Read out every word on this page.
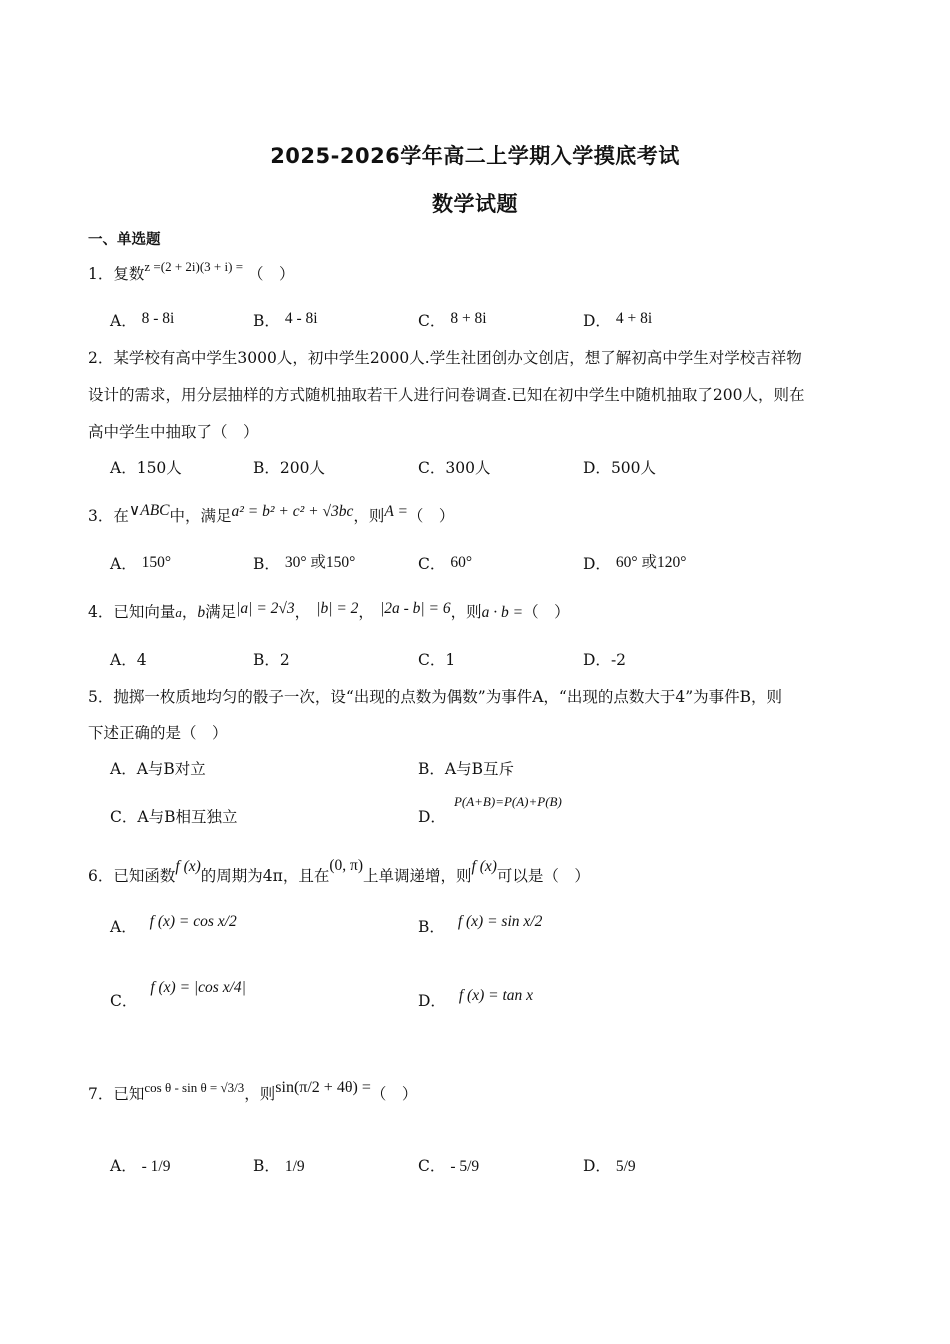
2025-2026学年高二上学期入学摸底考试
数学试题
一、单选题
1．复数$^{z =(2 + 2i)(3 + i) =}$ （　）
A． 8 - 8i	B． 4 - 8i	C． 8 + 8i	D． 4 + 8i
2．某学校有高中学生3000人，初中学生2000人.学生社团创办文创店，想了解初高中学生对学校吉祥物
设计的需求，用分层抽样的方式随机抽取若干人进行问卷调查.已知在初中学生中随机抽取了200人，则在
高中学生中抽取了（　）
A．150人	B．200人	C．300人	D．500人
3．在∨ABC中，满足a² = b² + c² + √3bc，则A =（　）
A． 150°	B． 30° 或150°	C． 60°	D． 60° 或120°
4．已知向量a，b满足|a| = 2√3， |b| = 2， |2a - b| = 6，则a · b =（　）
A．4	B．2	C．1	D．-2
5．抛掷一枚质地均匀的骰子一次，设“出现的点数为偶数”为事件A，“出现的点数大于4”为事件B，则
下述正确的是（　）
A．A与B对立	B．A与B互斥
C．A与B相互独立	D．$^{P(A+B)=P(A)+P(B)}$
6．已知函数f (x)的周期为4π，且在(0, π)上单调递增，则f (x)可以是（　）
A． f (x) = cos x/2	B． f (x) = sin x/2
C． f (x) = |cos x/4|
D． f (x) = tan x
7．已知$^{cos \theta - sin \theta = √3/3}$，则sin(π/2 + 4θ) =（　）
A． - 1/9	B． 1/9	C． - 5/9	D． 5/9
